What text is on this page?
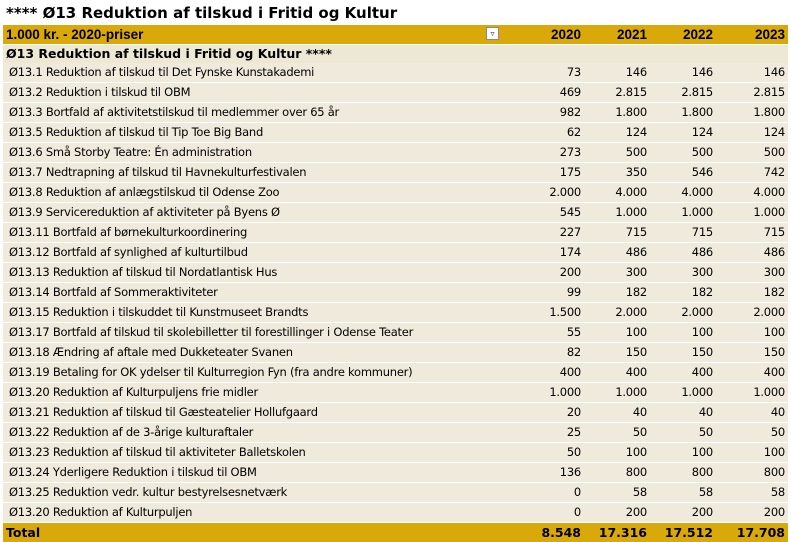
**** Ø13 Reduktion af tilskud i Fritid og Kultur
1.000 kr. - 2020-priser ▿	2020	2021	2022	2023
Ø13 Reduktion af tilskud i Fritid og Kultur ****				
Ø13.1 Reduktion af tilskud til Det Fynske Kunstakademi	73	146	146	146
Ø13.2 Reduktion i tilskud til OBM	469	2.815	2.815	2.815
Ø13.3 Bortfald af aktivitetstilskud til medlemmer over 65 år	982	1.800	1.800	1.800
Ø13.5 Reduktion af tilskud til Tip Toe Big Band	62	124	124	124
Ø13.6 Små Storby Teatre: Én administration	273	500	500	500
Ø13.7 Nedtrapning af tilskud til Havnekulturfestivalen	175	350	546	742
Ø13.8 Reduktion af anlægstilskud til Odense Zoo	2.000	4.000	4.000	4.000
Ø13.9 Servicereduktion af aktiviteter på Byens Ø	545	1.000	1.000	1.000
Ø13.11 Bortfald af børnekulturkoordinering	227	715	715	715
Ø13.12 Bortfald af synlighed af kulturtilbud	174	486	486	486
Ø13.13 Reduktion af tilskud til Nordatlantisk Hus	200	300	300	300
Ø13.14 Bortfald af Sommeraktiviteter	99	182	182	182
Ø13.15 Reduktion i tilskuddet til Kunstmuseet Brandts	1.500	2.000	2.000	2.000
Ø13.17 Bortfald af tilskud til skolebilletter til forestillinger i Odense Teater	55	100	100	100
Ø13.18 Ændring af aftale med Dukketeater Svanen	82	150	150	150
Ø13.19 Betaling for OK ydelser til Kulturregion Fyn (fra andre kommuner)	400	400	400	400
Ø13.20 Reduktion af Kulturpuljens frie midler	1.000	1.000	1.000	1.000
Ø13.21 Reduktion af tilskud til Gæsteatelier Hollufgaard	20	40	40	40
Ø13.22 Reduktion af de 3-årige kulturaftaler	25	50	50	50
Ø13.23 Reduktion af tilskud til aktiviteter Balletskolen	50	100	100	100
Ø13.24 Yderligere Reduktion i tilskud til OBM	136	800	800	800
Ø13.25 Reduktion vedr. kultur bestyrelsesnetværk	0	58	58	58
Ø13.20 Reduktion af Kulturpuljen	0	200	200	200
Total	8.548	17.316	17.512	17.708
